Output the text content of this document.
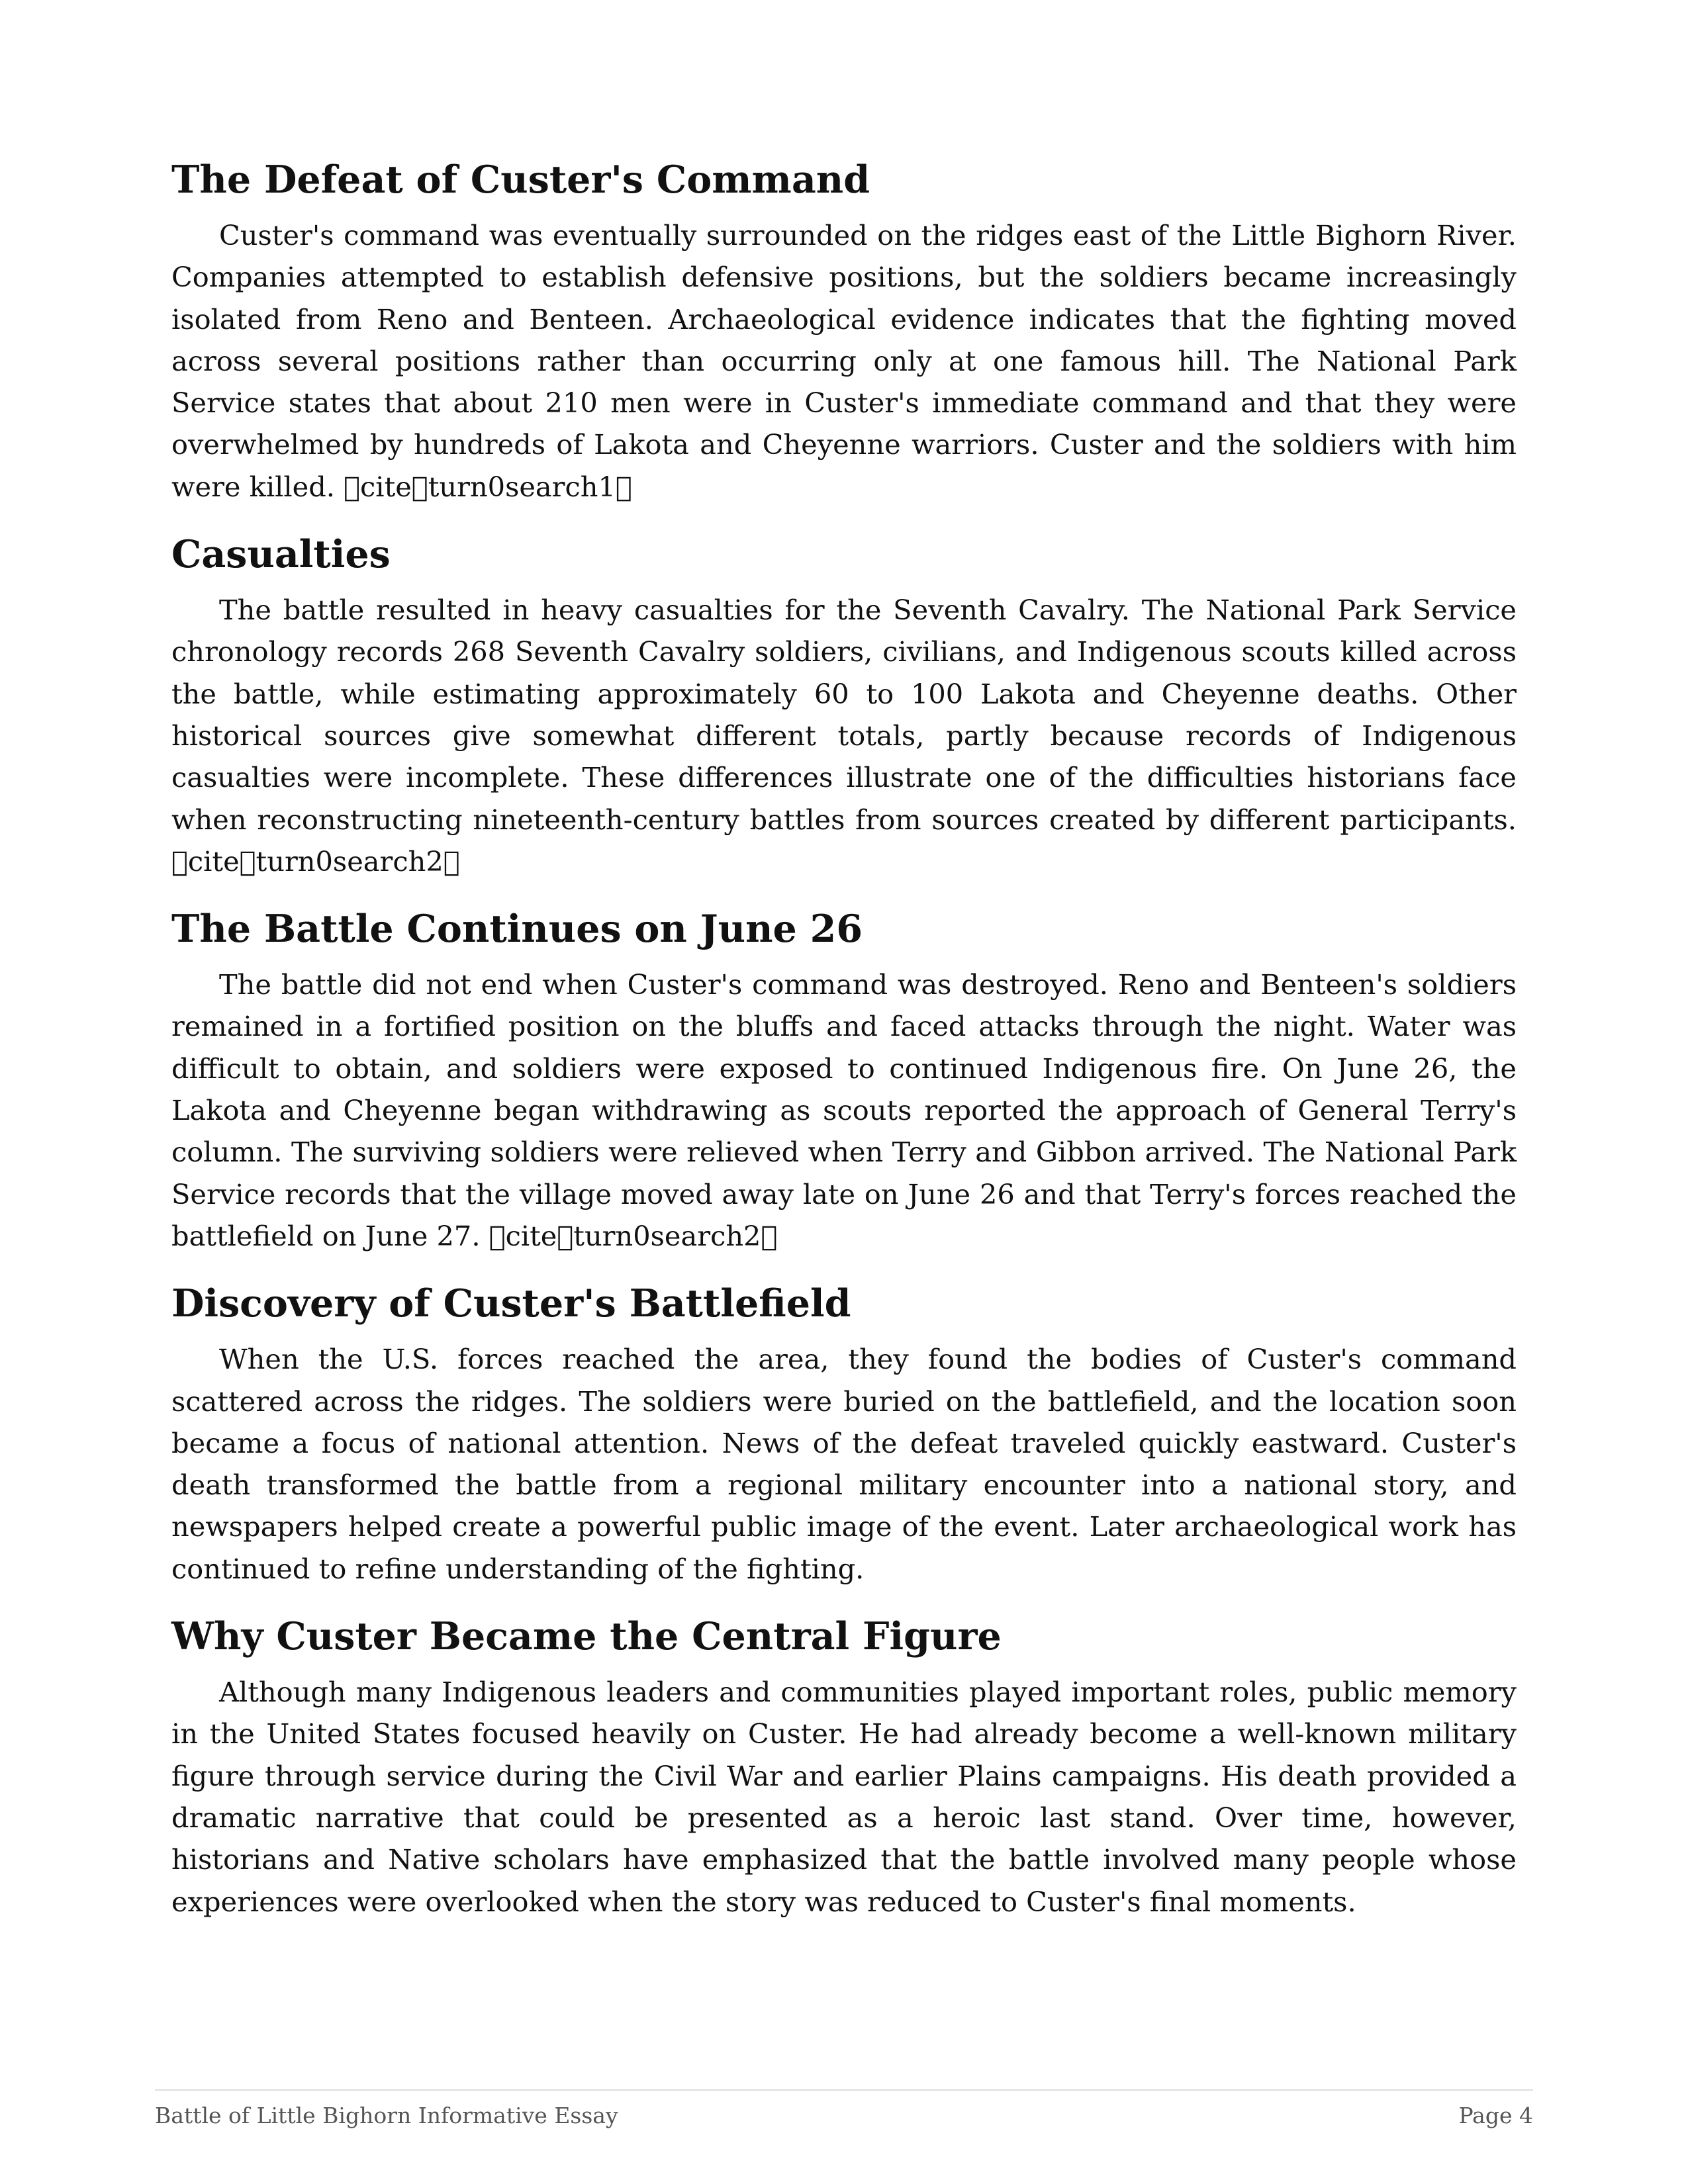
The Defeat of Custer's Command

Custer's command was eventually surrounded on the ridges east of the Little Bighorn River. Companies attempted to establish defensive positions, but the soldiers became increasingly isolated from Reno and Benteen. Archaeological evidence indicates that the fighting moved across several positions rather than occurring only at one famous hill. The National Park Service states that about 210 men were in Custer's immediate command and that they were overwhelmed by hundreds of Lakota and Cheyenne warriors. Custer and the soldiers with him were killed. cite turn0search1

Casualties

The battle resulted in heavy casualties for the Seventh Cavalry. The National Park Service chronology records 268 Seventh Cavalry soldiers, civilians, and Indigenous scouts killed across the battle, while estimating approximately 60 to 100 Lakota and Cheyenne deaths. Other historical sources give somewhat different totals, partly because records of Indigenous casualties were incomplete. These differences illustrate one of the difficulties historians face when reconstructing nineteenth-century battles from sources created by different participants. cite turn0search2

The Battle Continues on June 26

The battle did not end when Custer's command was destroyed. Reno and Benteen's soldiers remained in a fortified position on the bluffs and faced attacks through the night. Water was difficult to obtain, and soldiers were exposed to continued Indigenous fire. On June 26, the Lakota and Cheyenne began withdrawing as scouts reported the approach of General Terry's column. The surviving soldiers were relieved when Terry and Gibbon arrived. The National Park Service records that the village moved away late on June 26 and that Terry's forces reached the battlefield on June 27. cite turn0search2

Discovery of Custer's Battlefield

When the U.S. forces reached the area, they found the bodies of Custer's command scattered across the ridges. The soldiers were buried on the battlefield, and the location soon became a focus of national attention. News of the defeat traveled quickly eastward. Custer's death transformed the battle from a regional military encounter into a national story, and newspapers helped create a powerful public image of the event. Later archaeological work has continued to refine understanding of the fighting.

Why Custer Became the Central Figure

Although many Indigenous leaders and communities played important roles, public memory in the United States focused heavily on Custer. He had already become a well-known military figure through service during the Civil War and earlier Plains campaigns. His death provided a dramatic narrative that could be presented as a heroic last stand. Over time, however, historians and Native scholars have emphasized that the battle involved many people whose experiences were overlooked when the story was reduced to Custer's final moments.

Battle of Little Bighorn Informative Essay	Page 4
